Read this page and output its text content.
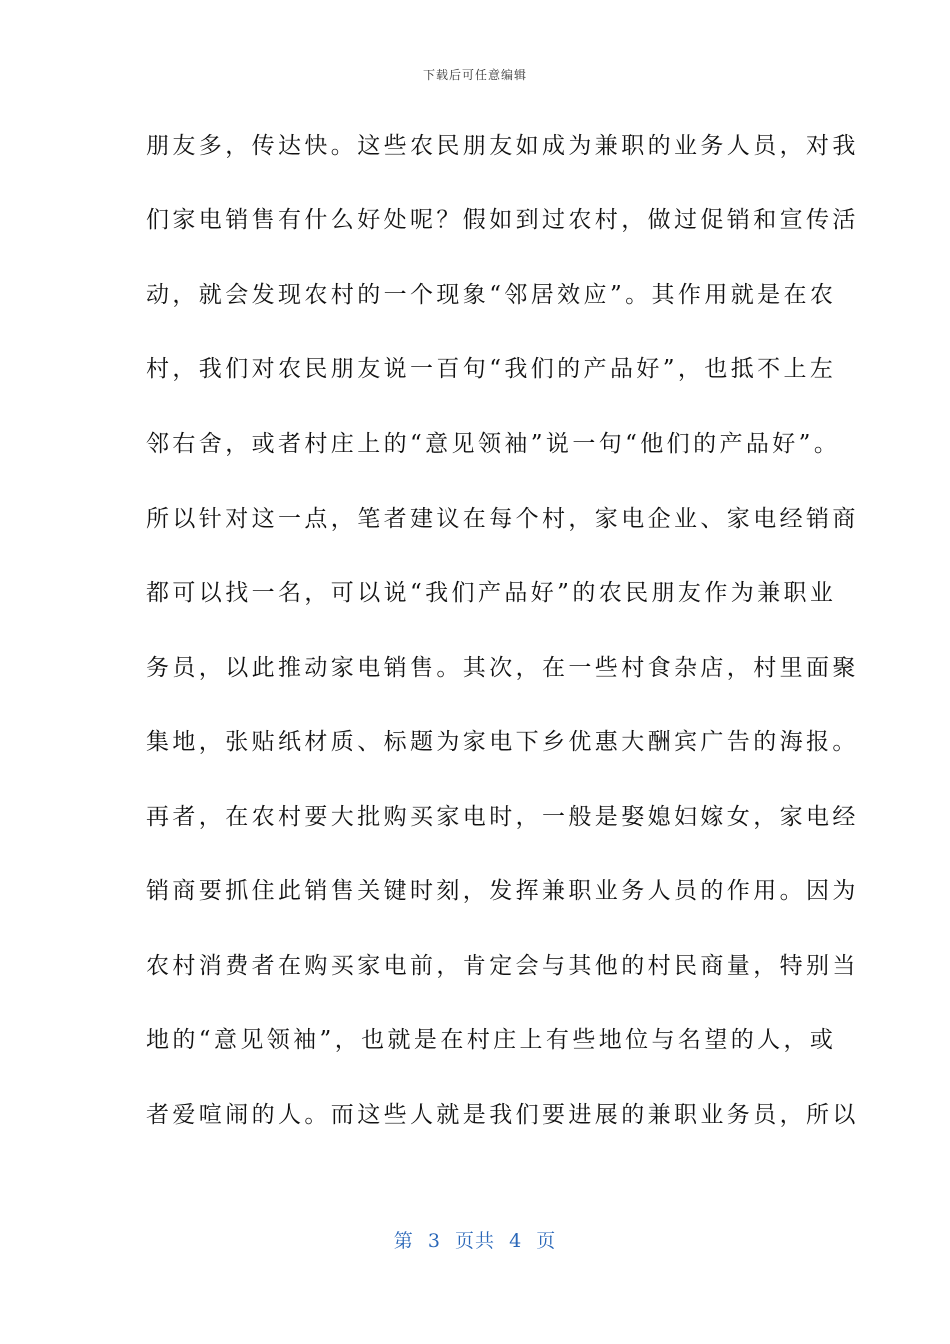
下载后可任意编辑
朋友多，传达快。这些农民朋友如成为兼职的业务人员，对我
们家电销售有什么好处呢？假如到过农村，做过促销和宣传活
动，就会发现农村的一个现象“邻居效应”。其作用就是在农
村，我们对农民朋友说一百句“我们的产品好”，也抵不上左
邻右舍，或者村庄上的“意见领袖”说一句“他们的产品好”。
所以针对这一点，笔者建议在每个村，家电企业、家电经销商
都可以找一名，可以说“我们产品好”的农民朋友作为兼职业
务员，以此推动家电销售。其次，在一些村食杂店，村里面聚
集地，张贴纸材质、标题为家电下乡优惠大酬宾广告的海报。
再者，在农村要大批购买家电时，一般是娶媳妇嫁女，家电经
销商要抓住此销售关键时刻，发挥兼职业务人员的作用。因为
农村消费者在购买家电前，肯定会与其他的村民商量，特别当
地的“意见领袖”，也就是在村庄上有些地位与名望的人，或
者爱喧闹的人。而这些人就是我们要进展的兼职业务员，所以
第  3  页共  4  页
